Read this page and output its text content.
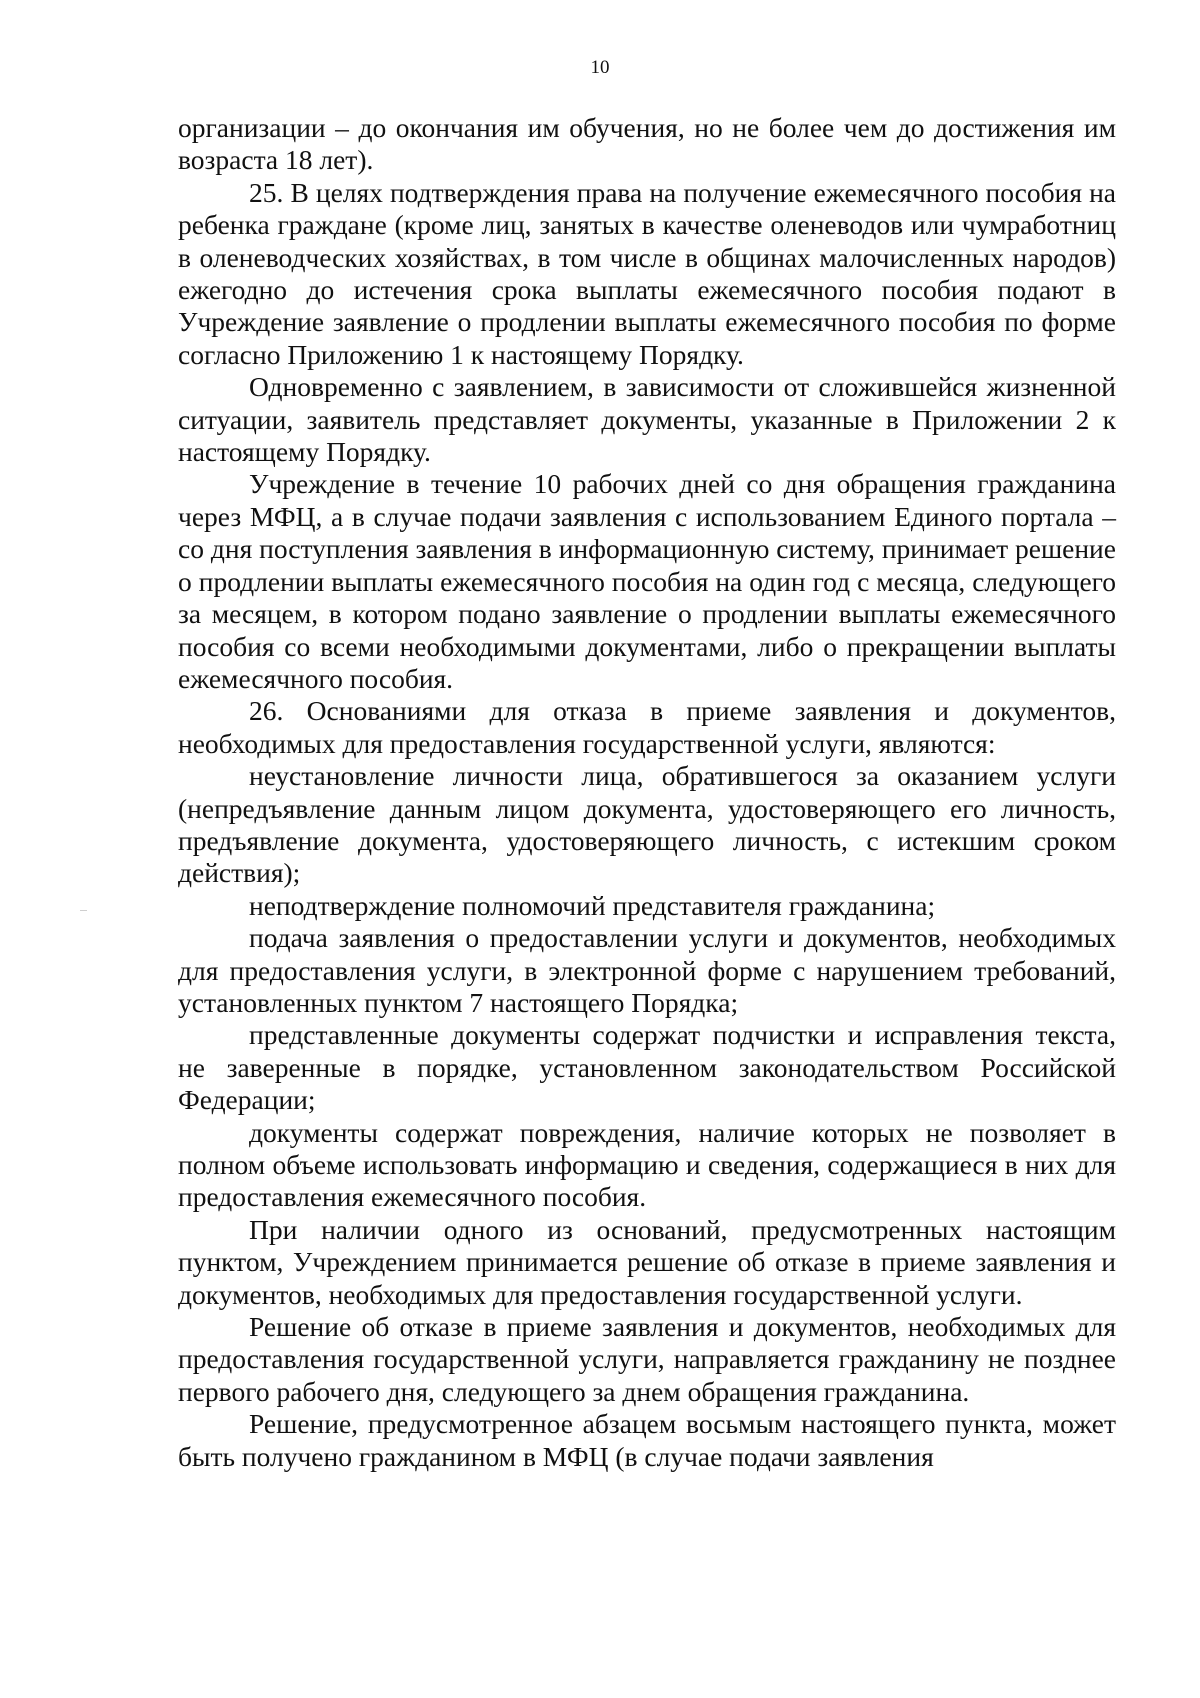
10

организации – до окончания им обучения, но не более чем до достижения им возраста 18 лет).

25. В целях подтверждения права на получение ежемесячного пособия на ребенка граждане (кроме лиц, занятых в качестве оленеводов или чумработниц в оленеводческих хозяйствах, в том числе в общинах малочисленных народов) ежегодно до истечения срока выплаты ежемесячного пособия подают в Учреждение заявление о продлении выплаты ежемесячного пособия по форме согласно Приложению 1 к настоящему Порядку.

Одновременно с заявлением, в зависимости от сложившейся жизненной ситуации, заявитель представляет документы, указанные в Приложении 2 к настоящему Порядку.

Учреждение в течение 10 рабочих дней со дня обращения гражданина через МФЦ, а в случае подачи заявления с использованием Единого портала – со дня поступления заявления в информационную систему, принимает решение о продлении выплаты ежемесячного пособия на один год с месяца, следующего за месяцем, в котором подано заявление о продлении выплаты ежемесячного пособия со всеми необходимыми документами, либо о прекращении выплаты ежемесячного пособия.

26. Основаниями для отказа в приеме заявления и документов, необходимых для предоставления государственной услуги, являются:

неустановление личности лица, обратившегося за оказанием услуги (непредъявление данным лицом документа, удостоверяющего его личность, предъявление документа, удостоверяющего личность, с истекшим сроком действия);

неподтверждение полномочий представителя гражданина;

подача заявления о предоставлении услуги и документов, необходимых для предоставления услуги, в электронной форме с нарушением требований, установленных пунктом 7 настоящего Порядка;

представленные документы содержат подчистки и исправления текста, не заверенные в порядке, установленном законодательством Российской Федерации;

документы содержат повреждения, наличие которых не позволяет в полном объеме использовать информацию и сведения, содержащиеся в них для предоставления ежемесячного пособия.

При наличии одного из оснований, предусмотренных настоящим пунктом, Учреждением принимается решение об отказе в приеме заявления и документов, необходимых для предоставления государственной услуги.

Решение об отказе в приеме заявления и документов, необходимых для предоставления государственной услуги, направляется гражданину не позднее первого рабочего дня, следующего за днем обращения гражданина.

Решение, предусмотренное абзацем восьмым настоящего пункта, может быть получено гражданином в МФЦ (в случае подачи заявления
